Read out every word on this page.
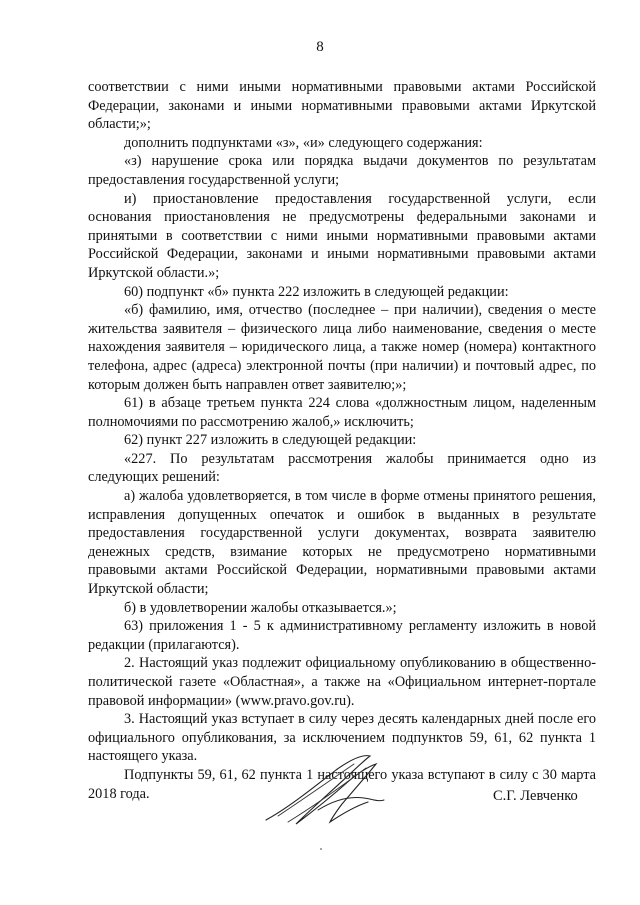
8

соответствии с ними иными нормативными правовыми актами Российской Федерации, законами и иными нормативными правовыми актами Иркутской области;»;

дополнить подпунктами «з», «и» следующего содержания:

«з) нарушение срока или порядка выдачи документов по результатам предоставления государственной услуги;

и) приостановление предоставления государственной услуги, если основания приостановления не предусмотрены федеральными законами и принятыми в соответствии с ними иными нормативными правовыми актами Российской Федерации, законами и иными нормативными правовыми актами Иркутской области.»;

60) подпункт «б» пункта 222 изложить в следующей редакции:

«б) фамилию, имя, отчество (последнее – при наличии), сведения о месте жительства заявителя – физического лица либо наименование, сведения о месте нахождения заявителя – юридического лица, а также номер (номера) контактного телефона, адрес (адреса) электронной почты (при наличии) и почтовый адрес, по которым должен быть направлен ответ заявителю;»;

61) в абзаце третьем пункта 224 слова «должностным лицом, наделенным полномочиями по рассмотрению жалоб,» исключить;

62) пункт 227 изложить в следующей редакции:

«227. По результатам рассмотрения жалобы принимается одно из следующих решений:

а) жалоба удовлетворяется, в том числе в форме отмены принятого решения, исправления допущенных опечаток и ошибок в выданных в результате предоставления государственной услуги документах, возврата заявителю денежных средств, взимание которых не предусмотрено нормативными правовыми актами Российской Федерации, нормативными правовыми актами Иркутской области;

б) в удовлетворении жалобы отказывается.»;

63) приложения 1 - 5 к административному регламенту изложить в новой редакции (прилагаются).

2. Настоящий указ подлежит официальному опубликованию в общественно-политической газете «Областная», а также на «Официальном интернет-портале правовой информации» (www.pravo.gov.ru).

3. Настоящий указ вступает в силу через десять календарных дней после его официального опубликования, за исключением подпунктов 59, 61, 62 пункта 1 настоящего указа.

Подпункты 59, 61, 62 пункта 1 настоящего указа вступают в силу с 30 марта 2018 года.	С.Г. Левченко
